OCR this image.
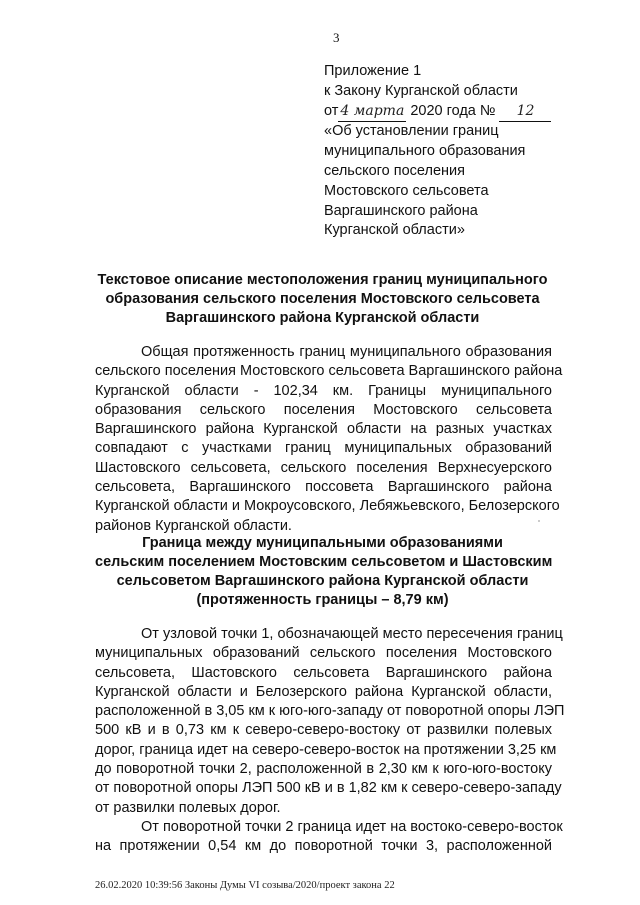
3
Приложение 1
к Закону Курганской области
от 4 марта 2020 года № 12
«Об установлении границ
муниципального образования
сельского поселения
Мостовского сельсовета
Варгашинского района
Курганской области»
Текстовое описание местоположения границ муниципального
образования сельского поселения Мостовского сельсовета
Варгашинского района Курганской области
Общая протяженность границ муниципального образования
сельского поселения Мостовского сельсовета Варгашинского района
Курганской области - 102,34 км. Границы муниципального
образования сельского поселения Мостовского сельсовета
Варгашинского района Курганской области на разных участках
совпадают с участками границ муниципальных образований
Шастовского сельсовета, сельского поселения Верхнесуерского
сельсовета, Варгашинского поссовета Варгашинского района
Курганской области и Мокроусовского, Лебяжьевского, Белозерского
районов Курганской области.
Граница между муниципальными образованиями
сельским поселением Мостовским сельсоветом и Шастовским
сельсоветом Варгашинского района Курганской области
(протяженность границы – 8,79 км)
От узловой точки 1, обозначающей место пересечения границ
муниципальных образований сельского поселения Мостовского
сельсовета, Шастовского сельсовета Варгашинского района
Курганской области и Белозерского района Курганской области,
расположенной в 3,05 км к юго-юго-западу от поворотной опоры ЛЭП
500 кВ и в 0,73 км к северо-северо-востоку от развилки полевых
дорог, граница идет на северо-северо-восток на протяжении 3,25 км
до поворотной точки 2, расположенной в 2,30 км к юго-юго-востоку
от поворотной опоры ЛЭП 500 кВ и в 1,82 км к северо-северо-западу
от развилки полевых дорог.
От поворотной точки 2 граница идет на востоко-северо-восток
на протяжении 0,54 км до поворотной точки 3, расположенной
26.02.2020 10:39:56 Законы Думы VI созыва/2020/проект закона 22
